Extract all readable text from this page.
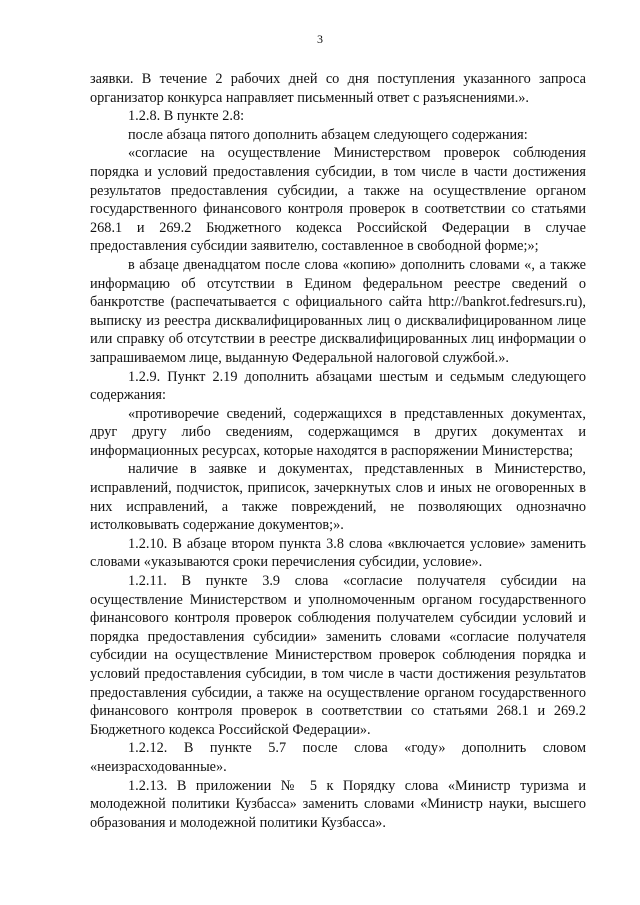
3

заявки. В течение 2 рабочих дней со дня поступления указанного запроса организатор конкурса направляет письменный ответ с разъяснениями.».

1.2.8. В пункте 2.8:

после абзаца пятого дополнить абзацем следующего содержания:

«согласие на осуществление Министерством проверок соблюдения порядка и условий предоставления субсидии, в том числе в части достижения результатов предоставления субсидии, а также на осуществление органом государственного финансового контроля проверок в соответствии со статьями 268.1 и 269.2 Бюджетного кодекса Российской Федерации в случае предоставления субсидии заявителю, составленное в свободной форме;»;

в абзаце двенадцатом после слова «копию» дополнить словами «, а также информацию об отсутствии в Едином федеральном реестре сведений о банкротстве (распечатывается с официального сайта http://bankrot.fedresurs.ru), выписку из реестра дисквалифицированных лиц о дисквалифицированном лице или справку об отсутствии в реестре дисквалифицированных лиц информации о запрашиваемом лице, выданную Федеральной налоговой службой.».

1.2.9. Пункт 2.19 дополнить абзацами шестым и седьмым следующего содержания:

«противоречие сведений, содержащихся в представленных документах, друг другу либо сведениям, содержащимся в других документах и информационных ресурсах, которые находятся в распоряжении Министерства;

наличие в заявке и документах, представленных в Министерство, исправлений, подчисток, приписок, зачеркнутых слов и иных не оговоренных в них исправлений, а также повреждений, не позволяющих однозначно истолковывать содержание документов;».

1.2.10. В абзаце втором пункта 3.8 слова «включается условие» заменить словами «указываются сроки перечисления субсидии, условие».

1.2.11. В пункте 3.9 слова «согласие получателя субсидии на осуществление Министерством и уполномоченным органом государственного финансового контроля проверок соблюдения получателем субсидии условий и порядка предоставления субсидии» заменить словами «согласие получателя субсидии на осуществление Министерством проверок соблюдения порядка и условий предоставления субсидии, в том числе в части достижения результатов предоставления субсидии, а также на осуществление органом государственного финансового контроля проверок в соответствии со статьями 268.1 и 269.2 Бюджетного кодекса Российской Федерации».

1.2.12. В пункте 5.7 после слова «году» дополнить словом «неизрасходованные».

1.2.13. В приложении № 5 к Порядку слова «Министр туризма и молодежной политики Кузбасса» заменить словами «Министр науки, высшего образования и молодежной политики Кузбасса».
